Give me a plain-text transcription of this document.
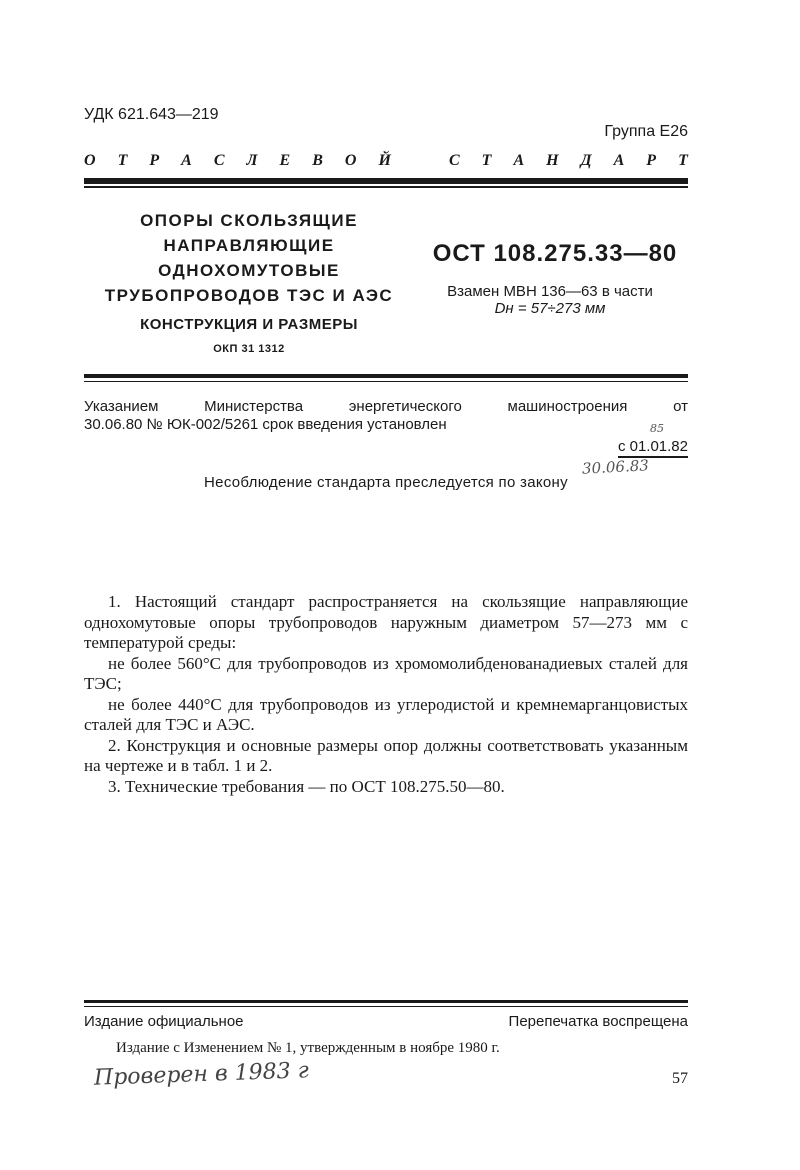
УДК 621.643—219
Группа Е26
О Т Р А С Л Е В О Й	С Т А Н Д А Р Т
ОПОРЫ СКОЛЬЗЯЩИЕ
НАПРАВЛЯЮЩИЕ
ОДНОХОМУТОВЫЕ
ТРУБОПРОВОДОВ ТЭС И АЭС
КОНСТРУКЦИЯ И РАЗМЕРЫ
ОКП 31 1312
ОСТ 108.275.33—80
Взамен МВН 136—63 в части
Dн = 57÷273 мм
Указанием	Министерства	энергетического	машиностроения	от
30.06.80 № ЮК-002/5261 срок введения установлен	85
с 01.01.82
30.06.83
Несоблюдение стандарта преследуется по закону

1. Настоящий стандарт распространяется на скользящие направляющие однохомутовые опоры трубопроводов наружным диаметром 57—273 мм с температурой среды:

не более 560°С для трубопроводов из хромомолибденованадиевых сталей для ТЭС;

не более 440°С для трубопроводов из углеродистой и кремнемарганцовистых сталей для ТЭС и АЭС.

2. Конструкция и основные размеры опор должны соответствовать указанным на чертеже и в табл. 1 и 2.

3. Технические требования — по ОСТ 108.275.50—80.

Издание официальное	Перепечатка воспрещена
Издание с Изменением № 1, утвержденным в ноябре 1980 г.
Проверен в 1983 г	57
